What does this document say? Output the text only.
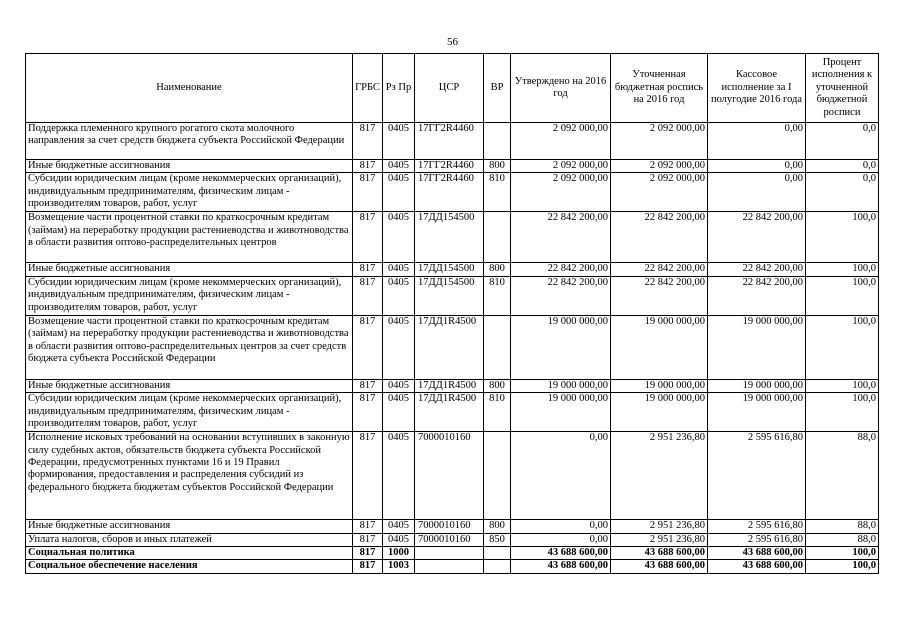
56
Наименование	ГРБС	Рз Пр	ЦСР	ВР	Утверждено на 2016 год	Уточненная бюджетная роспись на 2016 год	Кассовое исполнение за I полугодие 2016 года	Процент исполнения к уточненной бюджетной росписи
Поддержка племенного крупного рогатого скота молочного направления за счет средств бюджета субъекта Российской Федерации	817	0405	17ГГ2R4460		2 092 000,00	2 092 000,00	0,00	0,0
Иные бюджетные ассигнования	817	0405	17ГГ2R4460	800	2 092 000,00	2 092 000,00	0,00	0,0
Субсидии юридическим лицам (кроме некоммерческих организаций), индивидуальным предпринимателям, физическим лицам - производителям товаров, работ, услуг	817	0405	17ГГ2R4460	810	2 092 000,00	2 092 000,00	0,00	0,0
Возмещение части процентной ставки по краткосрочным кредитам (займам) на переработку продукции растениеводства и животноводства в области развития оптово-распределительных центров	817	0405	17ДД154500		22 842 200,00	22 842 200,00	22 842 200,00	100,0
Иные бюджетные ассигнования	817	0405	17ДД154500	800	22 842 200,00	22 842 200,00	22 842 200,00	100,0
Субсидии юридическим лицам (кроме некоммерческих организаций), индивидуальным предпринимателям, физическим лицам - производителям товаров, работ, услуг	817	0405	17ДД154500	810	22 842 200,00	22 842 200,00	22 842 200,00	100,0
Возмещение части процентной ставки по краткосрочным кредитам (займам) на переработку продукции растениеводства и животноводства в области развития оптово-распределительных центров за счет средств бюджета субъекта Российской Федерации	817	0405	17ДД1R4500		19 000 000,00	19 000 000,00	19 000 000,00	100,0
Иные бюджетные ассигнования	817	0405	17ДД1R4500	800	19 000 000,00	19 000 000,00	19 000 000,00	100,0
Субсидии юридическим лицам (кроме некоммерческих организаций), индивидуальным предпринимателям, физическим лицам - производителям товаров, работ, услуг	817	0405	17ДД1R4500	810	19 000 000,00	19 000 000,00	19 000 000,00	100,0
Исполнение исковых требований на основании вступивших в законную силу судебных актов, обязательств бюджета субъекта Российской Федерации, предусмотренных пунктами 16 и 19 Правил формирования, предоставления и распределения субсидий из федерального бюджета бюджетам субъектов Российской Федерации	817	0405	7000010160		0,00	2 951 236,80	2 595 616,80	88,0
Иные бюджетные ассигнования	817	0405	7000010160	800	0,00	2 951 236,80	2 595 616,80	88,0
Уплата налогов, сборов и иных платежей	817	0405	7000010160	850	0,00	2 951 236,80	2 595 616,80	88,0
Социальная политика	817	1000			43 688 600,00	43 688 600,00	43 688 600,00	100,0
Социальное обеспечение населения	817	1003			43 688 600,00	43 688 600,00	43 688 600,00	100,0
